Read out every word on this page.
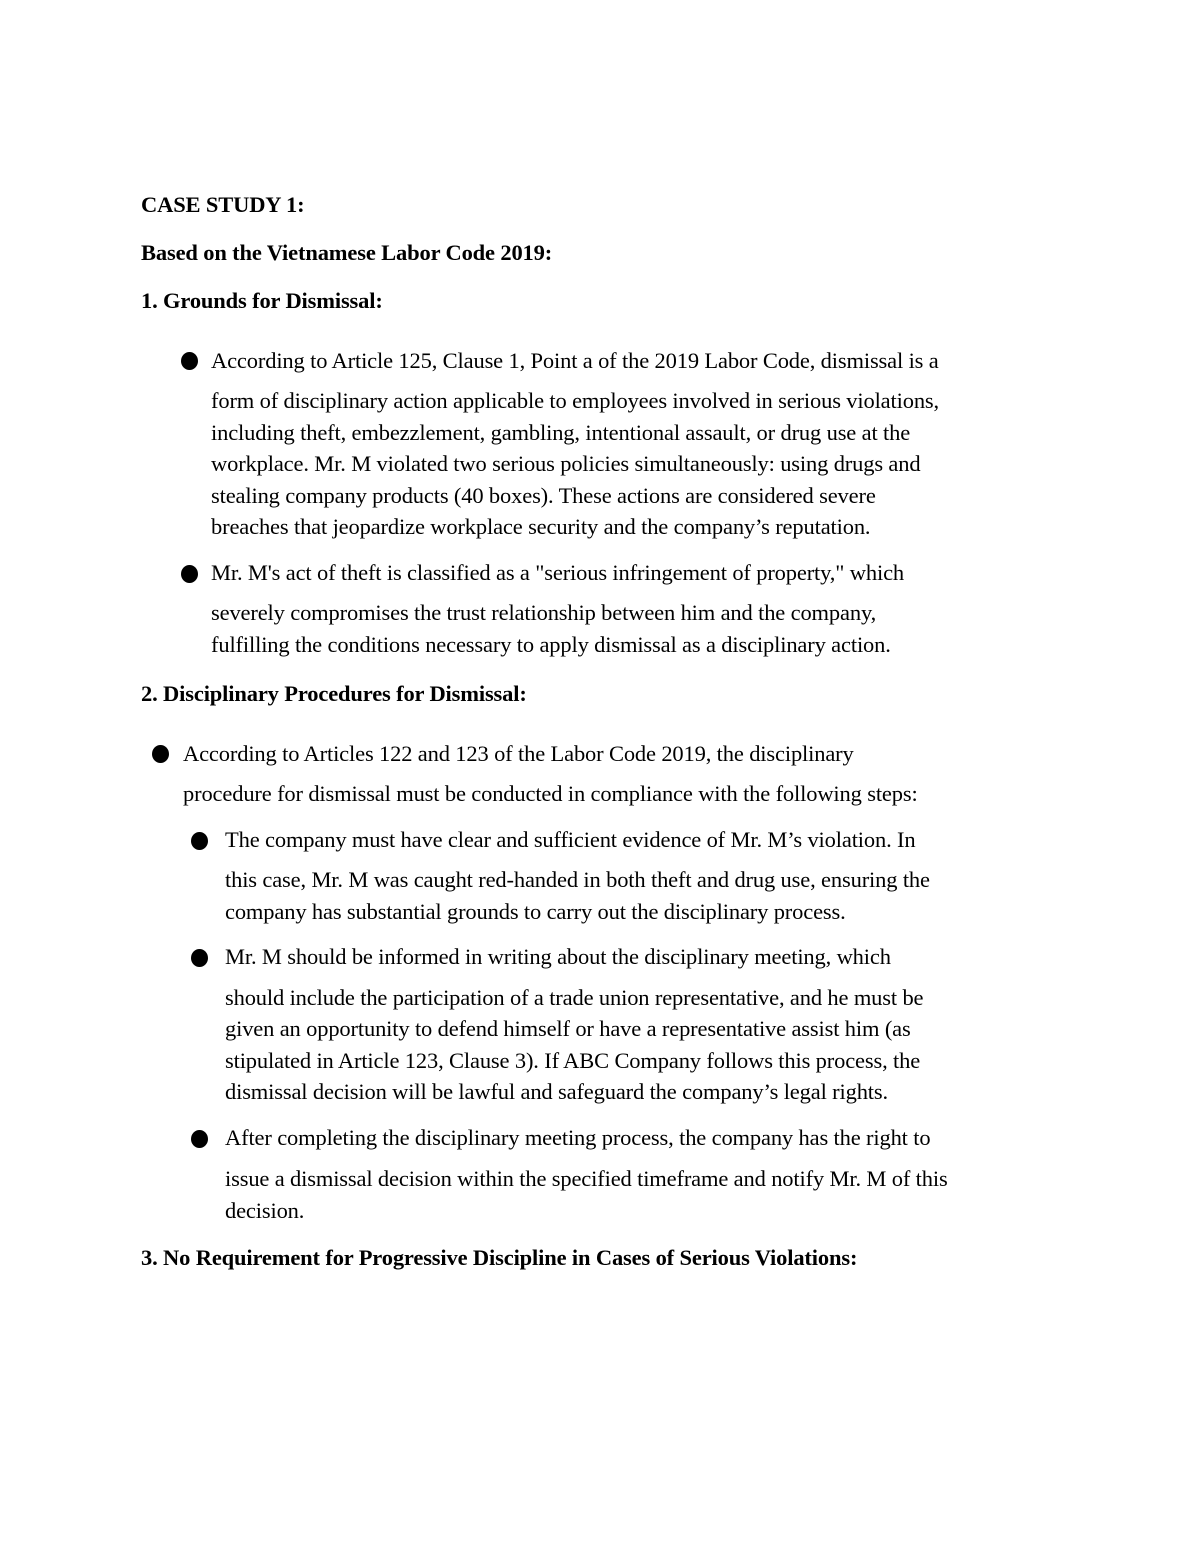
CASE STUDY 1:
Based on the Vietnamese Labor Code 2019:
1. Grounds for Dismissal:
According to Article 125, Clause 1, Point a of the 2019 Labor Code, dismissal is a
form of disciplinary action applicable to employees involved in serious violations,
including theft, embezzlement, gambling, intentional assault, or drug use at the
workplace. Mr. M violated two serious policies simultaneously: using drugs and
stealing company products (40 boxes). These actions are considered severe
breaches that jeopardize workplace security and the company’s reputation.
Mr. M's act of theft is classified as a "serious infringement of property," which
severely compromises the trust relationship between him and the company,
fulfilling the conditions necessary to apply dismissal as a disciplinary action.
2. Disciplinary Procedures for Dismissal:
According to Articles 122 and 123 of the Labor Code 2019, the disciplinary
procedure for dismissal must be conducted in compliance with the following steps:
The company must have clear and sufficient evidence of Mr. M’s violation. In
this case, Mr. M was caught red-handed in both theft and drug use, ensuring the
company has substantial grounds to carry out the disciplinary process.
Mr. M should be informed in writing about the disciplinary meeting, which
should include the participation of a trade union representative, and he must be
given an opportunity to defend himself or have a representative assist him (as
stipulated in Article 123, Clause 3). If ABC Company follows this process, the
dismissal decision will be lawful and safeguard the company’s legal rights.
After completing the disciplinary meeting process, the company has the right to
issue a dismissal decision within the specified timeframe and notify Mr. M of this
decision.
3. No Requirement for Progressive Discipline in Cases of Serious Violations:
